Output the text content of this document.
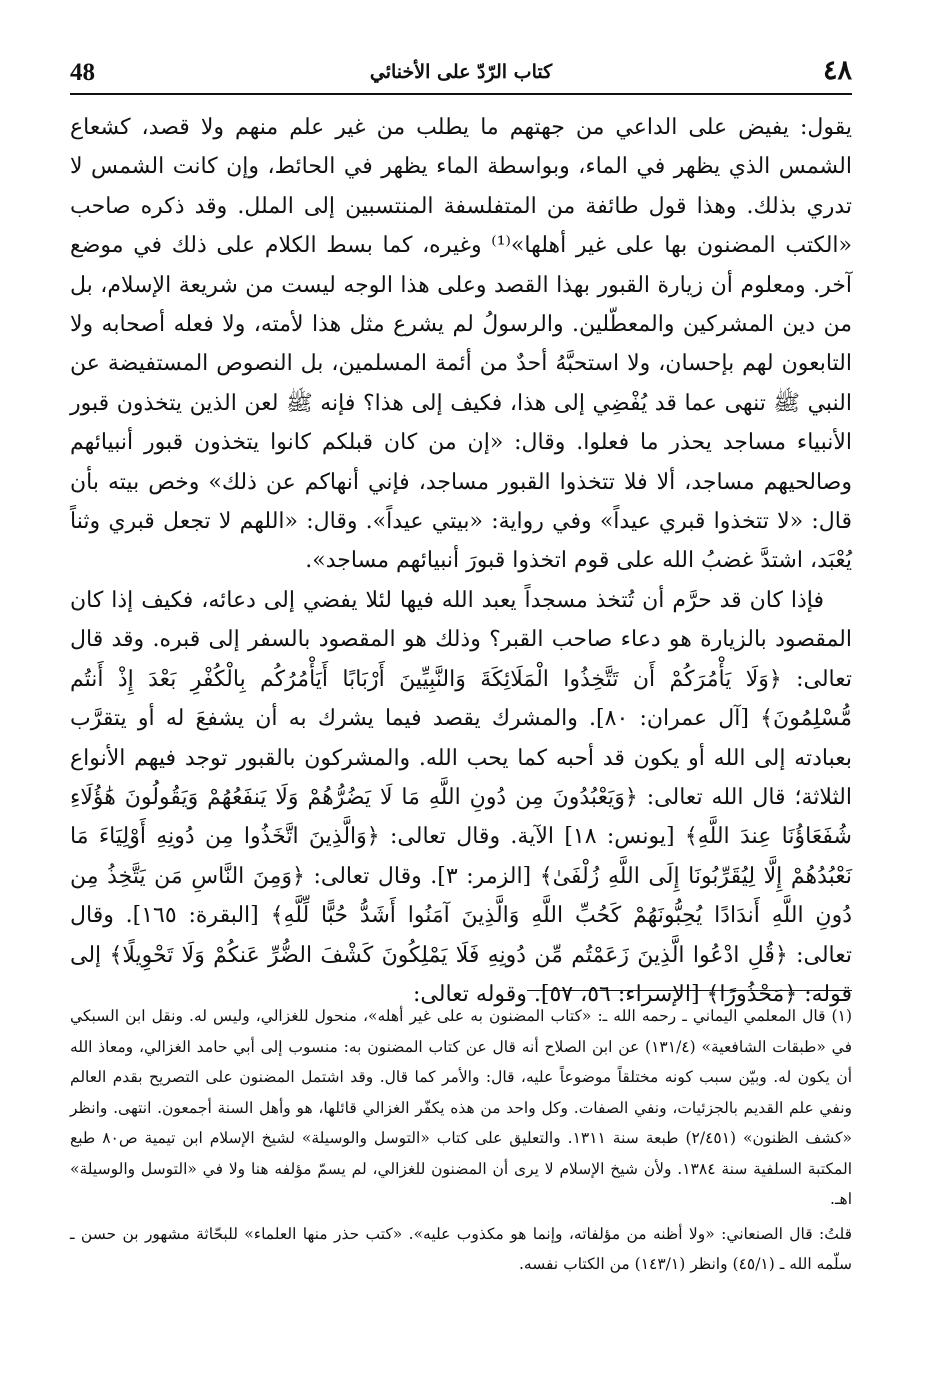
48	كتاب الرّدّ على الأخنائي	٤٨

يقول: يفيض على الداعي من جهتهم ما يطلب من غير علم منهم ولا قصد، كشعاع الشمس الذي يظهر في الماء، وبواسطة الماء يظهر في الحائط، وإن كانت الشمس لا تدري بذلك. وهذا قول طائفة من المتفلسفة المنتسبين إلى الملل. وقد ذكره صاحب «الكتب المضنون بها على غير أهلها»⁽¹⁾ وغيره، كما بسط الكلام على ذلك في موضع آخر. ومعلوم أن زيارة القبور بهذا القصد وعلى هذا الوجه ليست من شريعة الإسلام، بل من دين المشركين والمعطّلين. والرسولُ لم يشرع مثل هذا لأمته، ولا فعله أصحابه ولا التابعون لهم بإحسان، ولا استحبَّهُ أحدٌ من أئمة المسلمين، بل النصوص المستفيضة عن النبي ﷺ تنهى عما قد يُفْضِي إلى هذا، فكيف إلى هذا؟ فإنه ﷺ لعن الذين يتخذون قبور الأنبياء مساجد يحذر ما فعلوا. وقال: «إن من كان قبلكم كانوا يتخذون قبور أنبيائهم وصالحيهم مساجد، ألا فلا تتخذوا القبور مساجد، فإني أنهاكم عن ذلك» وخص بيته بأن قال: «لا تتخذوا قبري عيداً» وفي رواية: «بيتي عيداً». وقال: «اللهم لا تجعل قبري وثناً يُعْبَد، اشتدَّ غضبُ الله على قوم اتخذوا قبورَ أنبيائهم مساجد».

فإذا كان قد حرَّم أن تُتخذ مسجداً يعبد الله فيها لئلا يفضي إلى دعائه، فكيف إذا كان المقصود بالزيارة هو دعاء صاحب القبر؟ وذلك هو المقصود بالسفر إلى قبره. وقد قال تعالى: ﴿وَلَا يَأْمُرَكُمْ أَن تَتَّخِذُوا الْمَلَائِكَةَ وَالنَّبِيِّينَ أَرْبَابًا أَيَأْمُرُكُم بِالْكُفْرِ بَعْدَ إِذْ أَنتُم مُّسْلِمُونَ﴾ [آل عمران: ٨٠]. والمشرك يقصد فيما يشرك به أن يشفعَ له أو يتقرَّب بعبادته إلى الله أو يكون قد أحبه كما يحب الله. والمشركون بالقبور توجد فيهم الأنواع الثلاثة؛ قال الله تعالى: ﴿وَيَعْبُدُونَ مِن دُونِ اللَّهِ مَا لَا يَضُرُّهُمْ وَلَا يَنفَعُهُمْ وَيَقُولُونَ هَٰؤُلَاءِ شُفَعَاؤُنَا عِندَ اللَّهِ﴾ [يونس: ١٨] الآية. وقال تعالى: ﴿وَالَّذِينَ اتَّخَذُوا مِن دُونِهِ أَوْلِيَاءَ مَا نَعْبُدُهُمْ إِلَّا لِيُقَرِّبُونَا إِلَى اللَّهِ زُلْفَىٰ﴾ [الزمر: ٣]. وقال تعالى: ﴿وَمِنَ النَّاسِ مَن يَتَّخِذُ مِن دُونِ اللَّهِ أَندَادًا يُحِبُّونَهُمْ كَحُبِّ اللَّهِ وَالَّذِينَ آمَنُوا أَشَدُّ حُبًّا لِّلَّهِ﴾ [البقرة: ١٦٥]. وقال تعالى: ﴿قُلِ ادْعُوا الَّذِينَ زَعَمْتُم مِّن دُونِهِ فَلَا يَمْلِكُونَ كَشْفَ الضُّرِّ عَنكُمْ وَلَا تَحْوِيلًا﴾ إلى قوله: ﴿مَحْذُورًا﴾ [الإسراء: ٥٦، ٥٧]. وقوله تعالى:

(١) قال المعلمي اليماني ـ رحمه الله ـ: «كتاب المضنون به على غير أهله»، منحول للغزالي، وليس له. ونقل ابن السبكي في «طبقات الشافعية» (١٣١/٤) عن ابن الصلاح أنه قال عن كتاب المضنون به: منسوب إلى أبي حامد الغزالي، ومعاذ الله أن يكون له. وبيّن سبب كونه مختلقاً موضوعاً عليه، قال: والأمر كما قال. وقد اشتمل المضنون على التصريح بقدم العالم ونفي علم القديم بالجزئيات، ونفي الصفات. وكل واحد من هذه يكفّر الغزالي قائلها، هو وأهل السنة أجمعون. انتهى. وانظر «كشف الظنون» (٢/٤٥١) طبعة سنة ١٣١١. والتعليق على كتاب «التوسل والوسيلة» لشيخ الإسلام ابن تيمية ص٨٠ طبع المكتبة السلفية سنة ١٣٨٤. ولأن شيخ الإسلام لا يرى أن المضنون للغزالي، لم يسمّ مؤلفه هنا ولا في «التوسل والوسيلة» اهـ.

قلتُ: قال الصنعاني: «ولا أظنه من مؤلفاته، وإنما هو مكذوب عليه». «كتب حذر منها العلماء» للبحّاثة مشهور بن حسن ـ سلّمه الله ـ (٤٥/١) وانظر (١٤٣/١) من الكتاب نفسه.
